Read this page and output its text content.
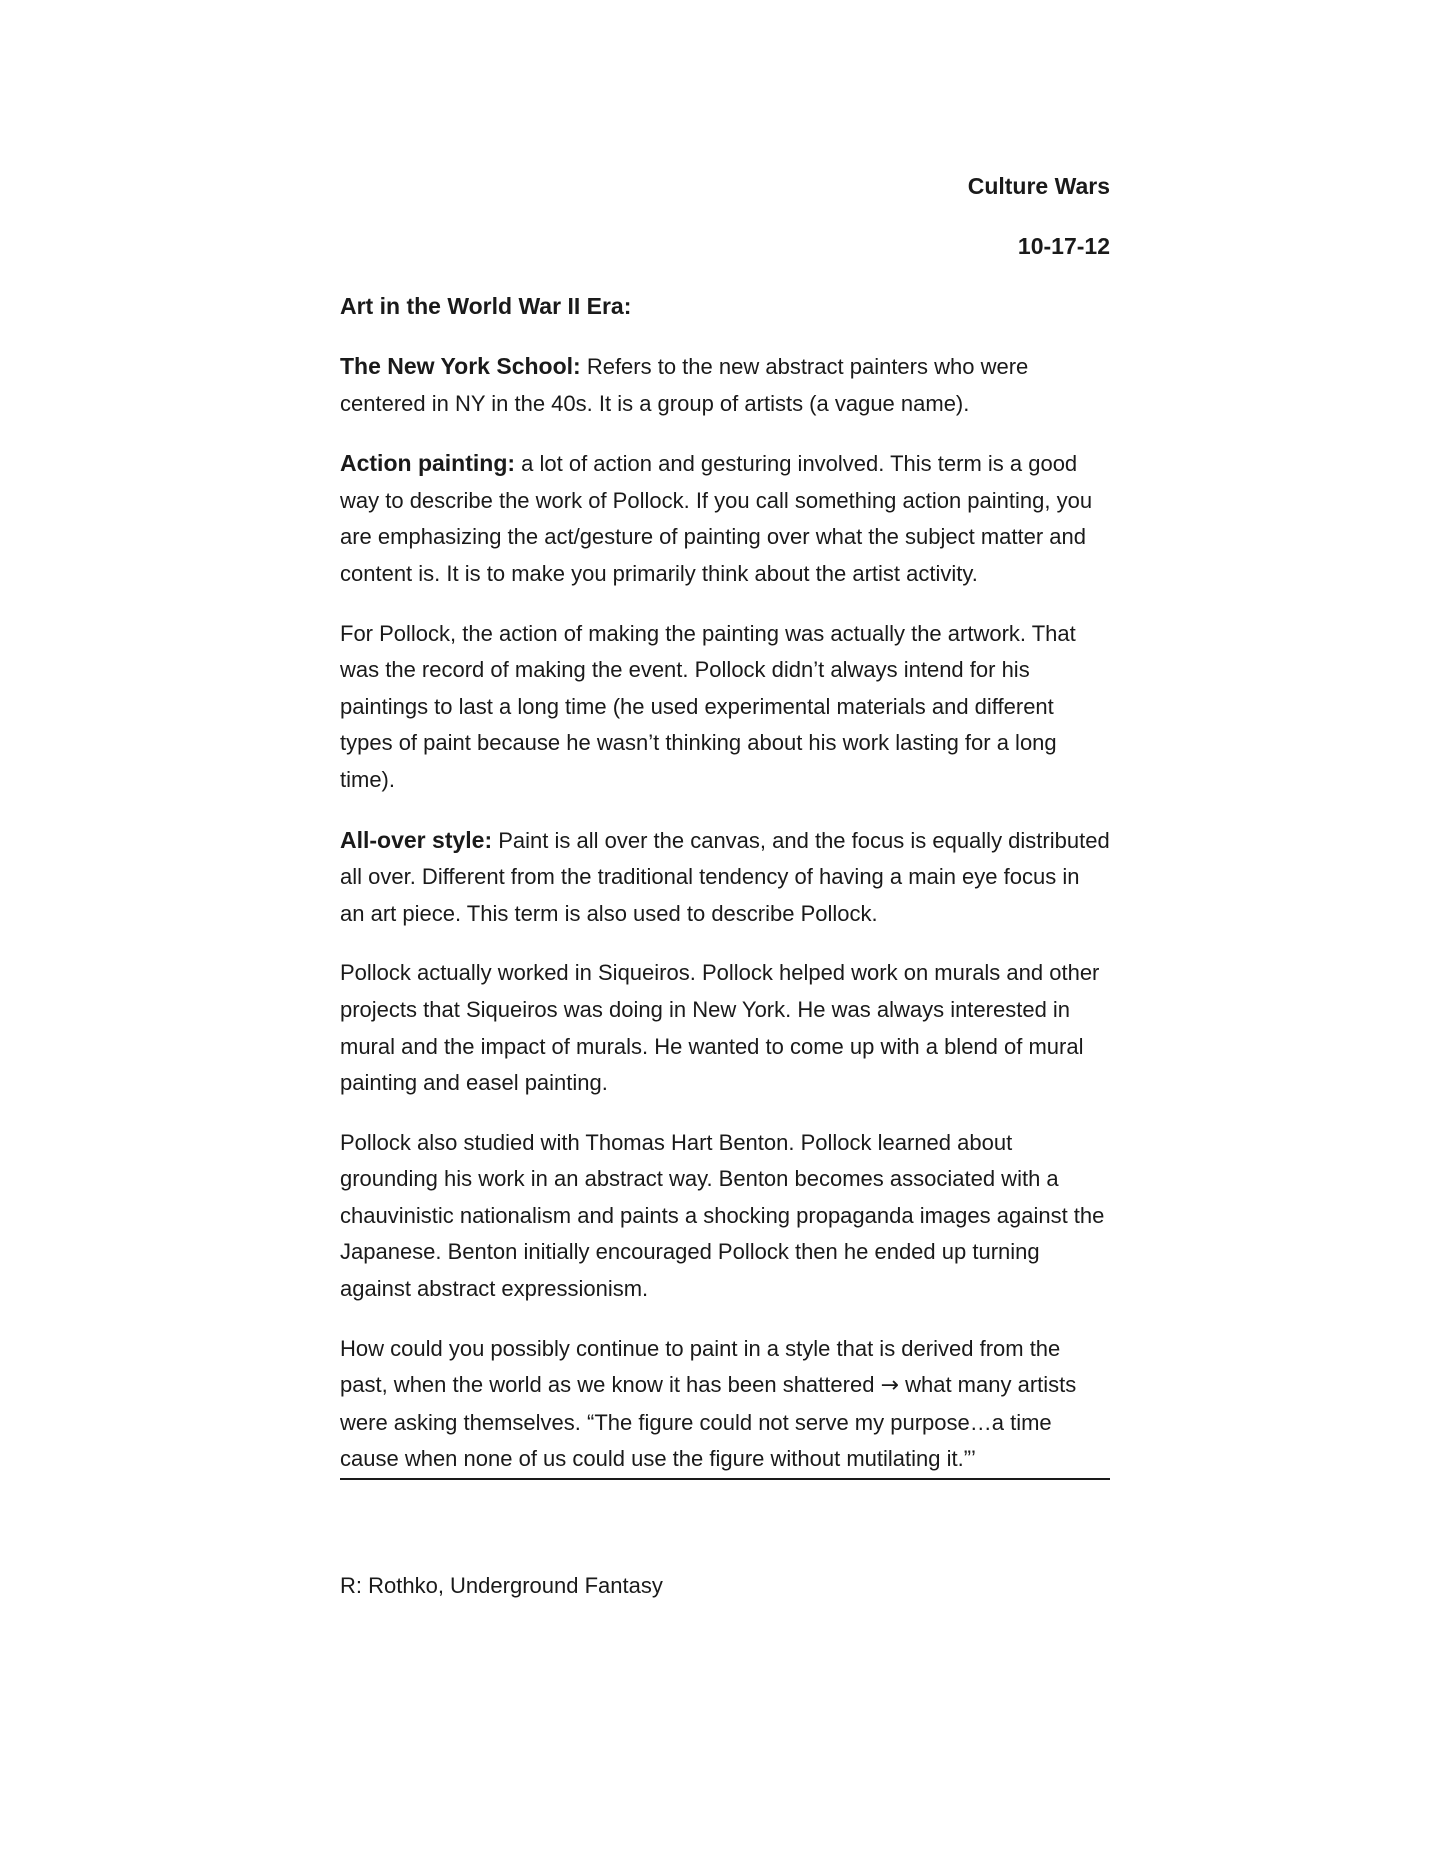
Culture Wars

10-17-12

Art in the World War II Era:

The New York School: Refers to the new abstract painters who were centered in NY in the 40s. It is a group of artists (a vague name).

Action painting: a lot of action and gesturing involved. This term is a good way to describe the work of Pollock. If you call something action painting, you are emphasizing the act/gesture of painting over what the subject matter and content is. It is to make you primarily think about the artist activity.

For Pollock, the action of making the painting was actually the artwork. That was the record of making the event. Pollock didn’t always intend for his paintings to last a long time (he used experimental materials and different types of paint because he wasn’t thinking about his work lasting for a long time).

All-over style: Paint is all over the canvas, and the focus is equally distributed all over. Different from the traditional tendency of having a main eye focus in an art piece. This term is also used to describe Pollock.

Pollock actually worked in Siqueiros. Pollock helped work on murals and other projects that Siqueiros was doing in New York. He was always interested in mural and the impact of murals. He wanted to come up with a blend of mural painting and easel painting.

Pollock also studied with Thomas Hart Benton. Pollock learned about grounding his work in an abstract way. Benton becomes associated with a chauvinistic nationalism and paints a shocking propaganda images against the Japanese. Benton initially encouraged Pollock then he ended up turning against abstract expressionism.

How could you possibly continue to paint in a style that is derived from the past, when the world as we know it has been shattered → what many artists were asking themselves. “The figure could not serve my purpose…a time cause when none of us could use the figure without mutilating it.”’

R: Rothko, Underground Fantasy
